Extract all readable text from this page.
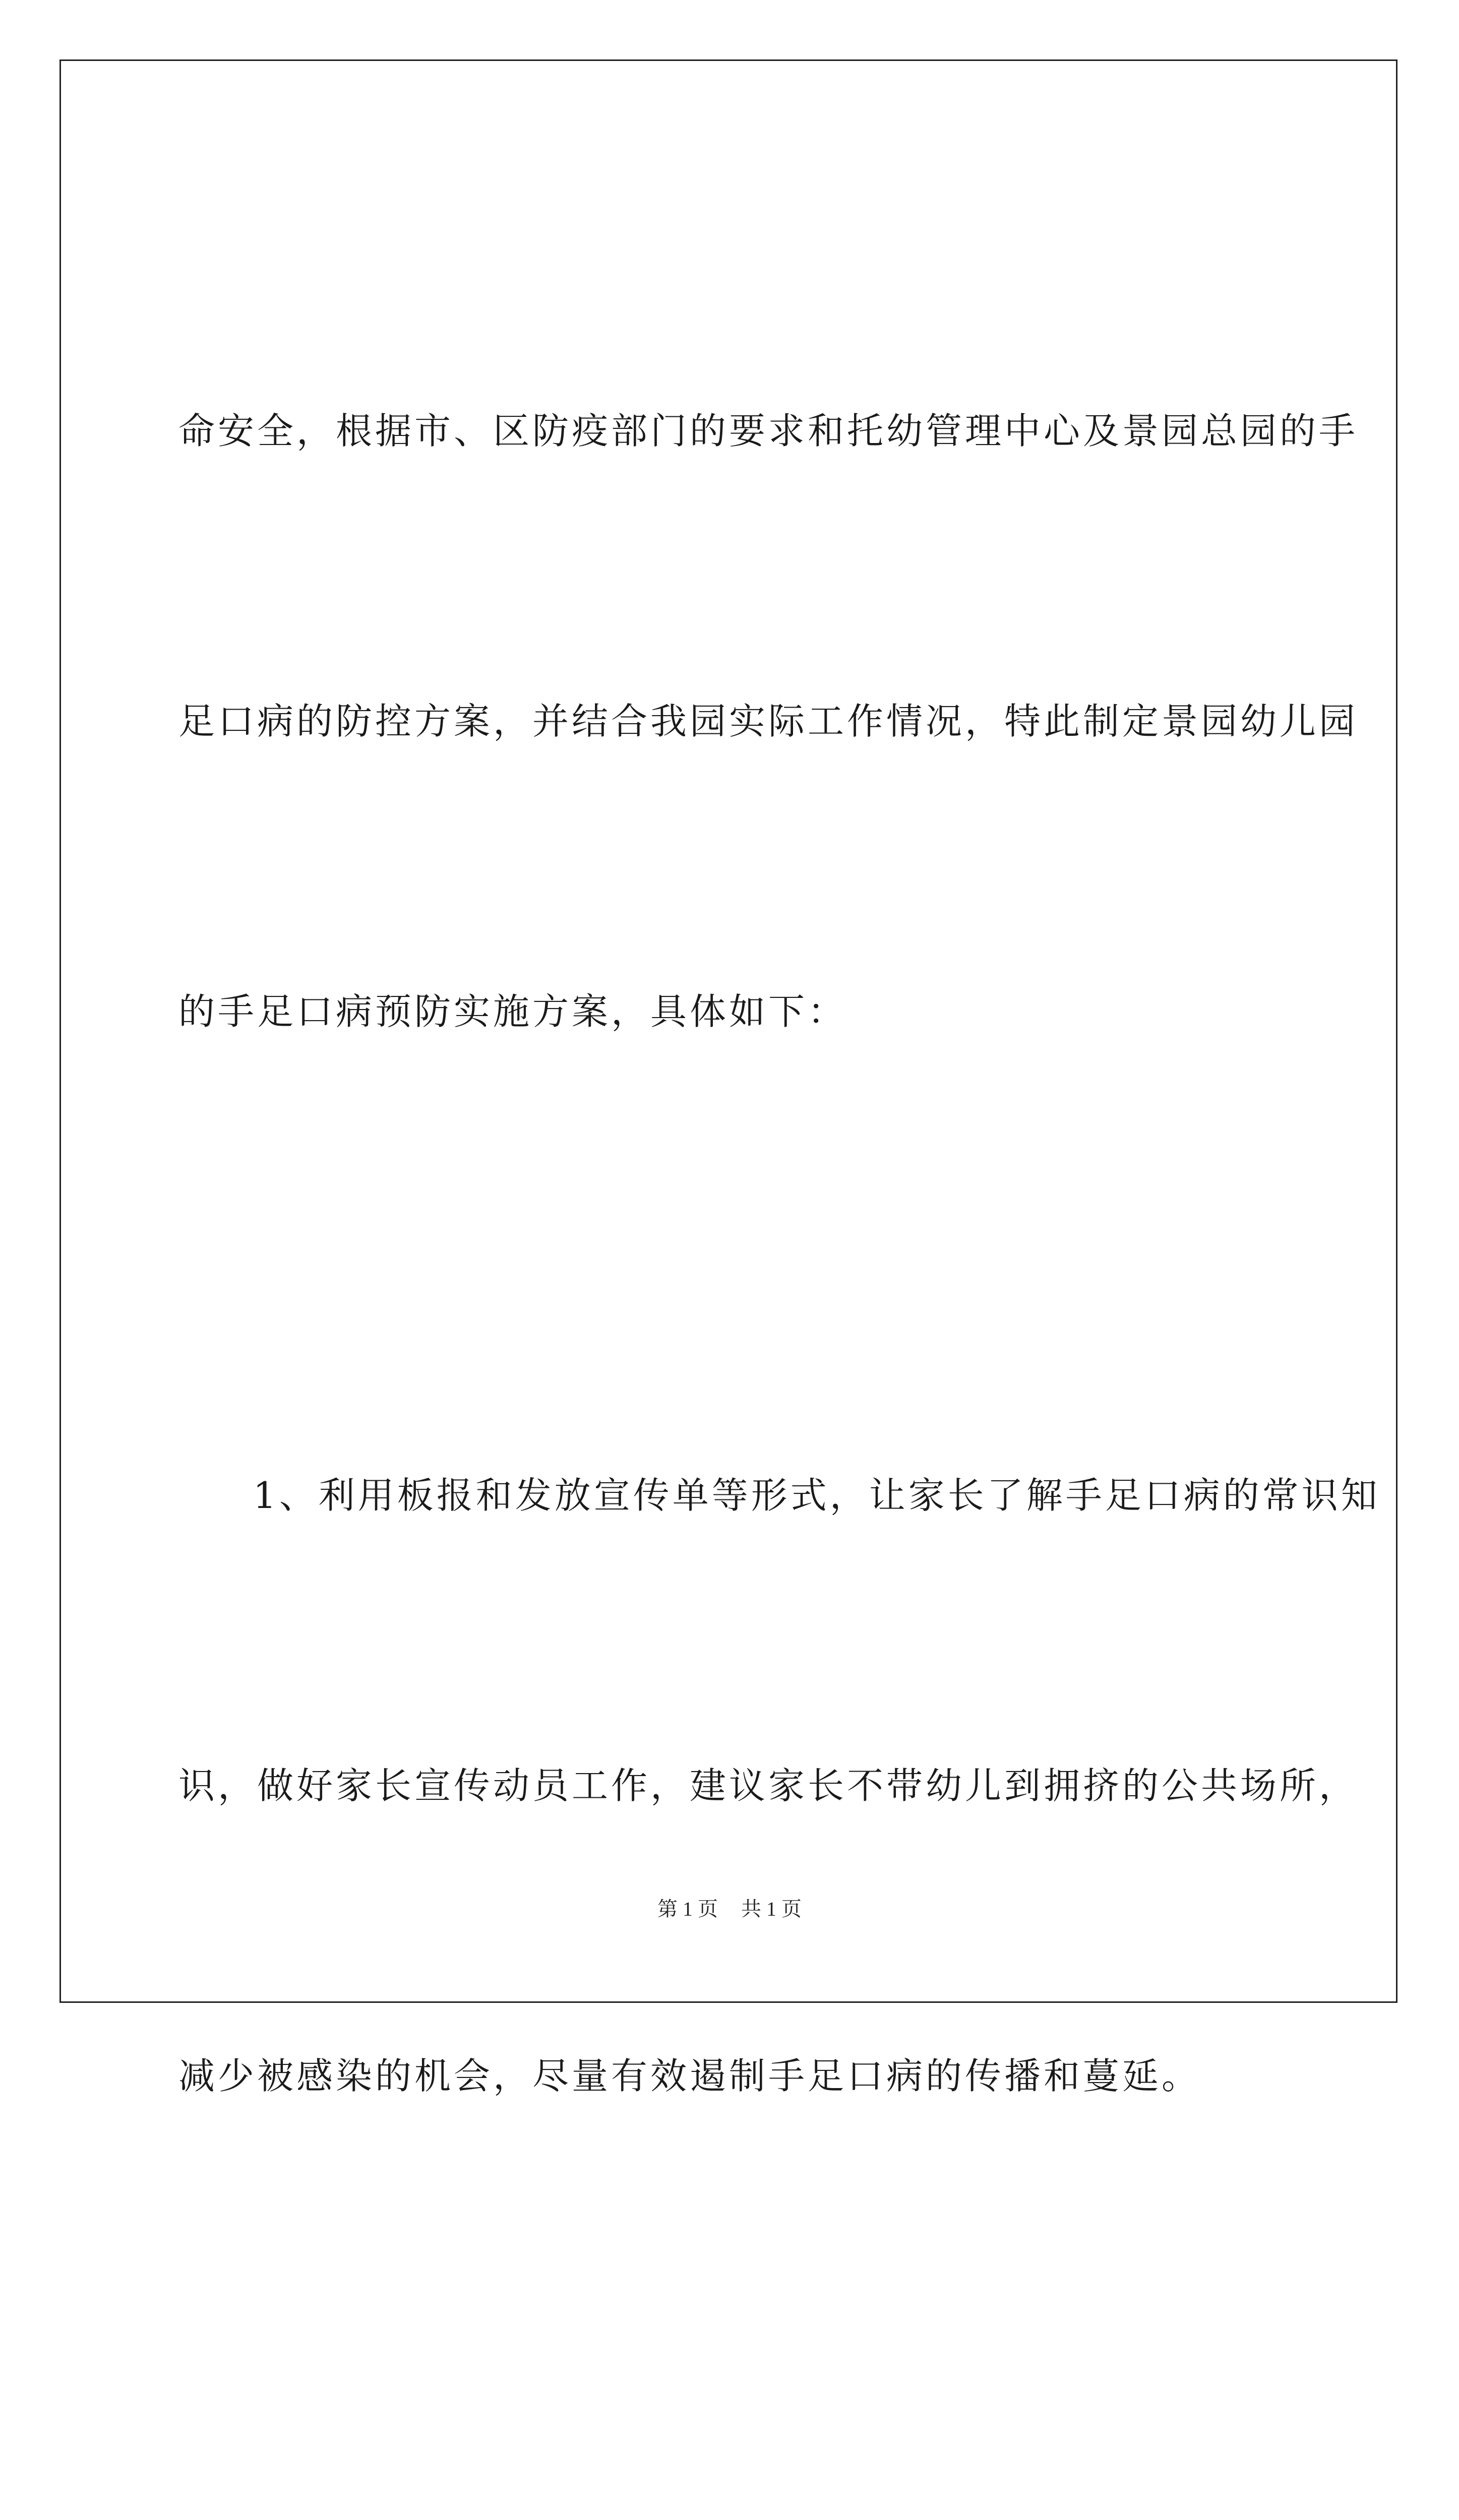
命安全，根据市、区防疫部门的要求和托幼管理中心及景园总园的手

足口病的防控方案，并结合我园实际工作情况，特此制定景园幼儿园

的手足口病预防实施方案，具体如下：

1、利用板报和发放宣传单等形式，让家长了解手足口病的常识知

识，做好家长宣传动员工作，建议家长不带幼儿到拥挤的公共场所，

减少被感染的机会，尽量有效遏制手足口病的传播和蔓延。

第 1 页 共 1 页
